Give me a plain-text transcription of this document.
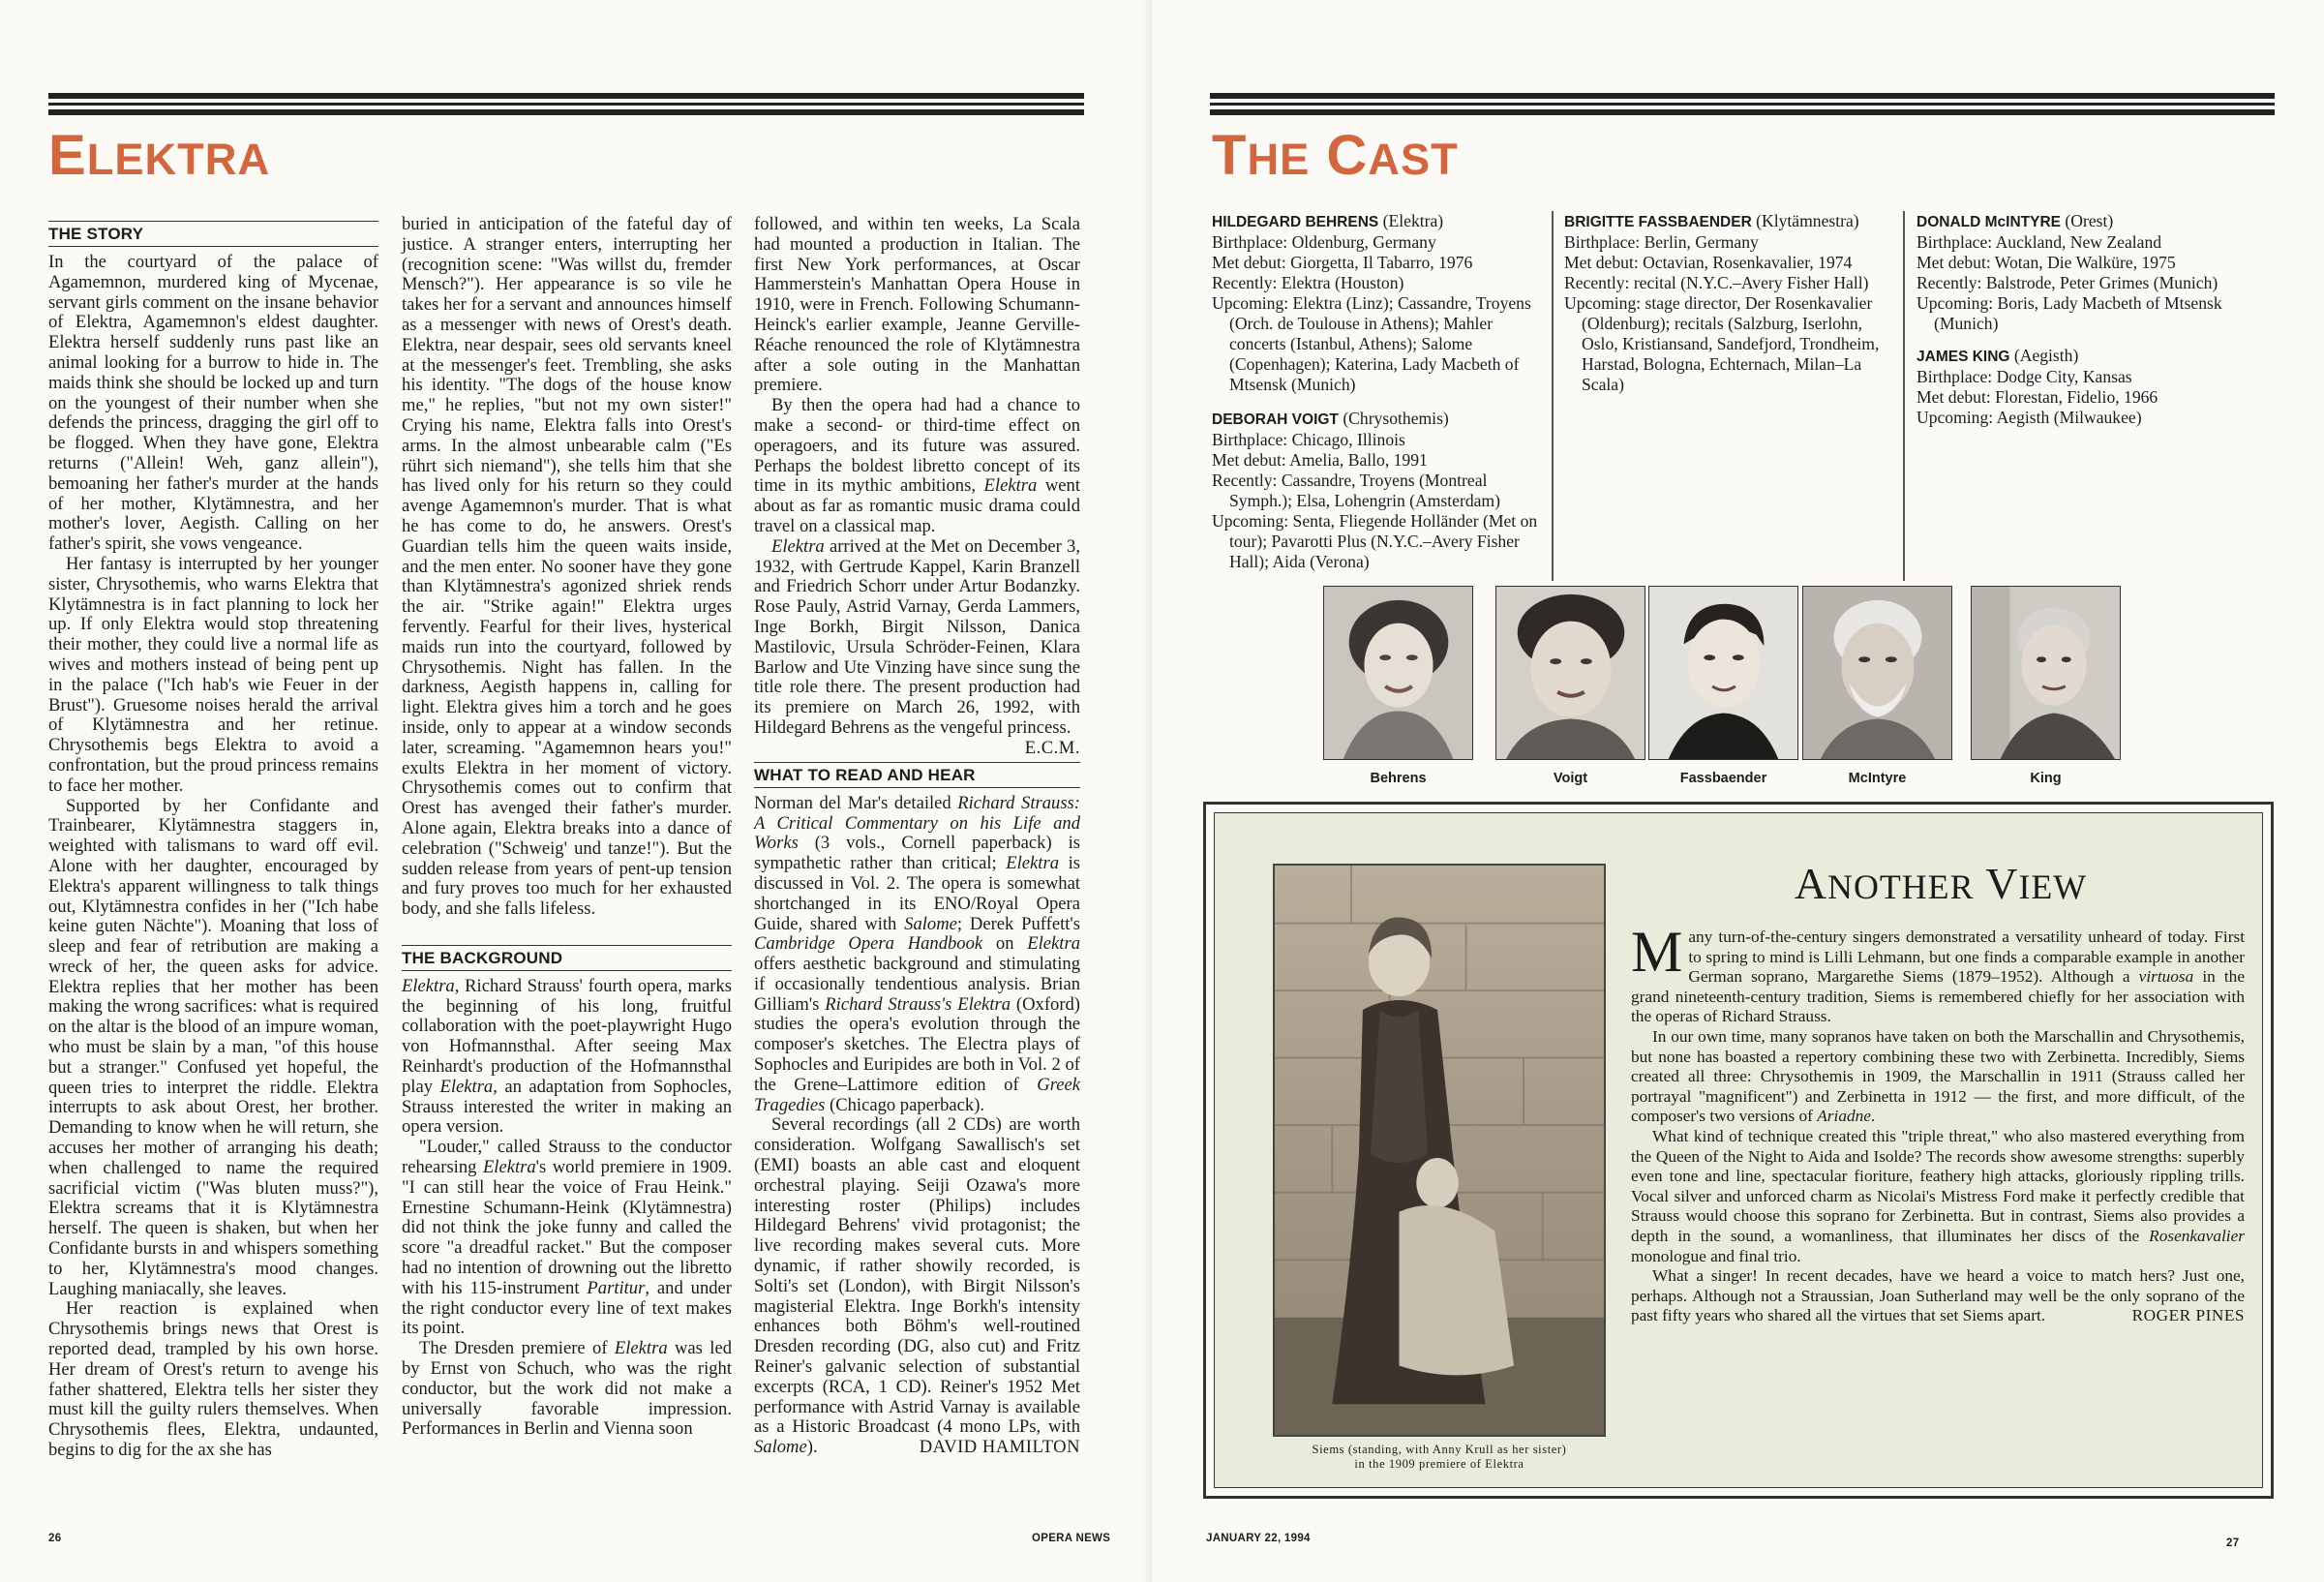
ELEKTRA
THE STORY

In the courtyard of the palace of Agamemnon, murdered king of Mycenae, servant girls comment on the insane behavior of Elektra, Agamemnon's eldest daughter. Elektra herself suddenly runs past like an animal looking for a burrow to hide in. The maids think she should be locked up and turn on the youngest of their number when she defends the princess, dragging the girl off to be flogged. When they have gone, Elektra returns ("Allein! Weh, ganz allein"), bemoaning her father's murder at the hands of her mother, Klytämnestra, and her mother's lover, Aegisth. Calling on her father's spirit, she vows vengeance.

Her fantasy is interrupted by her younger sister, Chrysothemis, who warns Elektra that Klytämnestra is in fact planning to lock her up. If only Elektra would stop threatening their mother, they could live a normal life as wives and mothers instead of being pent up in the palace ("Ich hab's wie Feuer in der Brust"). Gruesome noises herald the arrival of Klytämnestra and her retinue. Chrysothemis begs Elektra to avoid a confrontation, but the proud princess remains to face her mother.

Supported by her Confidante and Trainbearer, Klytämnestra staggers in, weighted with talismans to ward off evil. Alone with her daughter, encouraged by Elektra's apparent willingness to talk things out, Klytämnestra confides in her ("Ich habe keine guten Nächte"). Moaning that loss of sleep and fear of retribution are making a wreck of her, the queen asks for advice. Elektra replies that her mother has been making the wrong sacrifices: what is required on the altar is the blood of an impure woman, who must be slain by a man, "of this house but a stranger." Confused yet hopeful, the queen tries to interpret the riddle. Elektra interrupts to ask about Orest, her brother. Demanding to know when he will return, she accuses her mother of arranging his death; when challenged to name the required sacrificial victim ("Was bluten muss?"), Elektra screams that it is Klytämnestra herself. The queen is shaken, but when her Confidante bursts in and whispers something to her, Klytämnestra's mood changes. Laughing maniacally, she leaves.

Her reaction is explained when Chrysothemis brings news that Orest is reported dead, trampled by his own horse. Her dream of Orest's return to avenge his father shattered, Elektra tells her sister they must kill the guilty rulers themselves. When Chrysothemis flees, Elektra, undaunted, begins to dig for the ax she has

buried in anticipation of the fateful day of justice. A stranger enters, interrupting her (recognition scene: "Was willst du, fremder Mensch?"). Her appearance is so vile he takes her for a servant and announces himself as a messenger with news of Orest's death. Elektra, near despair, sees old servants kneel at the messenger's feet. Trembling, she asks his identity. "The dogs of the house know me," he replies, "but not my own sister!" Crying his name, Elektra falls into Orest's arms. In the almost unbearable calm ("Es rührt sich niemand"), she tells him that she has lived only for his return so they could avenge Agamemnon's murder. That is what he has come to do, he answers. Orest's Guardian tells him the queen waits inside, and the men enter. No sooner have they gone than Klytämnestra's agonized shriek rends the air. "Strike again!" Elektra urges fervently. Fearful for their lives, hysterical maids run into the courtyard, followed by Chrysothemis. Night has fallen. In the darkness, Aegisth happens in, calling for light. Elektra gives him a torch and he goes inside, only to appear at a window seconds later, screaming. "Agamemnon hears you!" exults Elektra in her moment of victory. Chrysothemis comes out to confirm that Orest has avenged their father's murder. Alone again, Elektra breaks into a dance of celebration ("Schweig' und tanze!"). But the sudden release from years of pent-up tension and fury proves too much for her exhausted body, and she falls lifeless.

THE BACKGROUND

Elektra, Richard Strauss' fourth opera, marks the beginning of his long, fruitful collaboration with the poet-playwright Hugo von Hofmannsthal. After seeing Max Reinhardt's production of the Hofmannsthal play Elektra, an adaptation from Sophocles, Strauss interested the writer in making an opera version.

"Louder," called Strauss to the conductor rehearsing Elektra's world premiere in 1909. "I can still hear the voice of Frau Heink." Ernestine Schumann-Heink (Klytämnestra) did not think the joke funny and called the score "a dreadful racket." But the composer had no intention of drowning out the libretto with his 115-instrument Partitur, and under the right conductor every line of text makes its point.

The Dresden premiere of Elektra was led by Ernst von Schuch, who was the right conductor, but the work did not make a universally favorable impression. Performances in Berlin and Vienna soon

followed, and within ten weeks, La Scala had mounted a production in Italian. The first New York performances, at Oscar Hammerstein's Manhattan Opera House in 1910, were in French. Following Schumann-Heinck's earlier example, Jeanne Gerville-Réache renounced the role of Klytämnestra after a sole outing in the Manhattan premiere.

By then the opera had had a chance to make a second- or third-time effect on operagoers, and its future was assured. Perhaps the boldest libretto concept of its time in its mythic ambitions, Elektra went about as far as romantic music drama could travel on a classical map.

Elektra arrived at the Met on December 3, 1932, with Gertrude Kappel, Karin Branzell and Friedrich Schorr under Artur Bodanzky. Rose Pauly, Astrid Varnay, Gerda Lammers, Inge Borkh, Birgit Nilsson, Danica Mastilovic, Ursula Schröder-Feinen, Klara Barlow and Ute Vinzing have since sung the title role there. The present production had its premiere on March 26, 1992, with Hildegard Behrens as the vengeful princess.
E.C.M.

WHAT TO READ AND HEAR

Norman del Mar's detailed Richard Strauss: A Critical Commentary on his Life and Works (3 vols., Cornell paperback) is sympathetic rather than critical; Elektra is discussed in Vol. 2. The opera is somewhat shortchanged in its ENO/Royal Opera Guide, shared with Salome; Derek Puffett's Cambridge Opera Handbook on Elektra offers aesthetic background and stimulating if occasionally tendentious analysis. Brian Gilliam's Richard Strauss's Elektra (Oxford) studies the opera's evolution through the composer's sketches. The Electra plays of Sophocles and Euripides are both in Vol. 2 of the Grene–Lattimore edition of Greek Tragedies (Chicago paperback).

Several recordings (all 2 CDs) are worth consideration. Wolfgang Sawallisch's set (EMI) boasts an able cast and eloquent orchestral playing. Seiji Ozawa's more interesting roster (Philips) includes Hildegard Behrens' vivid protagonist; the live recording makes several cuts. More dynamic, if rather showily recorded, is Solti's set (London), with Birgit Nilsson's magisterial Elektra. Inge Borkh's intensity enhances both Böhm's well-routined Dresden recording (DG, also cut) and Fritz Reiner's galvanic selection of substantial excerpts (RCA, 1 CD). Reiner's 1952 Met performance with Astrid Varnay is available as a Historic Broadcast (4 mono LPs, with Salome).	DAVID HAMILTON

26	OPERA NEWS
THE CAST
HILDEGARD BEHRENS (Elektra)
Birthplace: Oldenburg, Germany
Met debut: Giorgetta, Il Tabarro, 1976
Recently: Elektra (Houston)
Upcoming: Elektra (Linz); Cassandre, Troyens (Orch. de Toulouse in Athens); Mahler concerts (Istanbul, Athens); Salome (Copenhagen); Katerina, Lady Macbeth of Mtsensk (Munich)
DEBORAH VOIGT (Chrysothemis)
Birthplace: Chicago, Illinois
Met debut: Amelia, Ballo, 1991
Recently: Cassandre, Troyens (Montreal Symph.); Elsa, Lohengrin (Amsterdam)
Upcoming: Senta, Fliegende Holländer (Met on tour); Pavarotti Plus (N.Y.C.–Avery Fisher Hall); Aida (Verona)
BRIGITTE FASSBAENDER (Klytämnestra)
Birthplace: Berlin, Germany
Met debut: Octavian, Rosenkavalier, 1974
Recently: recital (N.Y.C.–Avery Fisher Hall)
Upcoming: stage director, Der Rosenkavalier (Oldenburg); recitals (Salzburg, Iserlohn, Oslo, Kristiansand, Sandefjord, Trondheim, Harstad, Bologna, Echternach, Milan–La Scala)
DONALD McINTYRE (Orest)
Birthplace: Auckland, New Zealand
Met debut: Wotan, Die Walküre, 1975
Recently: Balstrode, Peter Grimes (Munich)
Upcoming: Boris, Lady Macbeth of Mtsensk (Munich)
JAMES KING (Aegisth)
Birthplace: Dodge City, Kansas
Met debut: Florestan, Fidelio, 1966
Upcoming: Aegisth (Milwaukee)
Behrens	Voigt	Fassbaender	McIntyre	King
Siems (standing, with Anny Krull as her sister)
in the 1909 premiere of Elektra
ANOTHER VIEW

Many turn-of-the-century singers demonstrated a versatility unheard of today. First to spring to mind is Lilli Lehmann, but one finds a comparable example in another German soprano, Margarethe Siems (1879–1952). Although a virtuosa in the grand nineteenth-century tradition, Siems is remembered chiefly for her association with the operas of Richard Strauss.

In our own time, many sopranos have taken on both the Marschallin and Chrysothemis, but none has boasted a repertory combining these two with Zerbinetta. Incredibly, Siems created all three: Chrysothemis in 1909, the Marschallin in 1911 (Strauss called her portrayal "magnificent") and Zerbinetta in 1912 — the first, and more difficult, of the composer's two versions of Ariadne.

What kind of technique created this "triple threat," who also mastered everything from the Queen of the Night to Aida and Isolde? The records show awesome strengths: superbly even tone and line, spectacular fioriture, feathery high attacks, gloriously rippling trills. Vocal silver and unforced charm as Nicolai's Mistress Ford make it perfectly credible that Strauss would choose this soprano for Zerbinetta. But in contrast, Siems also provides a depth in the sound, a womanliness, that illuminates her discs of the Rosenkavalier monologue and final trio.

What a singer! In recent decades, have we heard a voice to match hers? Just one, perhaps. Although not a Straussian, Joan Sutherland may well be the only soprano of the past fifty years who shared all the virtues that set Siems apart.	ROGER PINES

JANUARY 22, 1994	27
